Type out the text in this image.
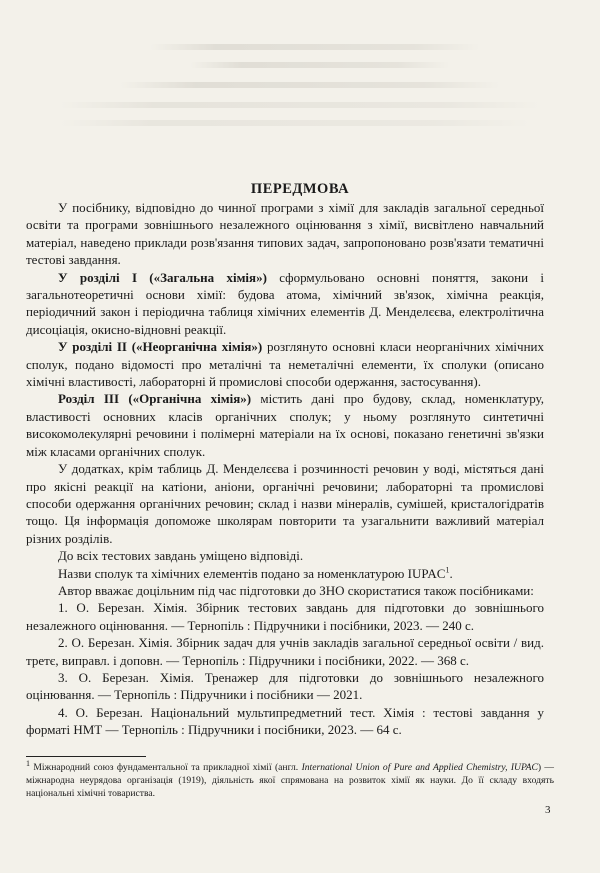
ПЕРЕДМОВА

У посібнику, відповідно до чинної програми з хімії для закладів загальної середньої освіти та програми зовнішнього незалежного оцінювання з хімії, висвітлено навчальний матеріал, наведено приклади розв'язання типових задач, запропоновано розв'язати тематичні тестові завдання.

У розділі I («Загальна хімія») сформульовано основні поняття, закони і загальнотеоретичні основи хімії: будова атома, хімічний зв'язок, хімічна реакція, періодичний закон і періодична таблиця хімічних елементів Д. Менделєєва, електролітична дисоціація, окисно-відновні реакції.

У розділі II («Неорганічна хімія») розглянуто основні класи неорганічних хімічних сполук, подано відомості про металічні та неметалічні елементи, їх сполуки (описано хімічні властивості, лабораторні й промислові способи одержання, застосування).

Розділ III («Органічна хімія») містить дані про будову, склад, номенклатуру, властивості основних класів органічних сполук; у ньому розглянуто синтетичні високомолекулярні речовини і полімерні матеріали на їх основі, показано генетичні зв'язки між класами органічних сполук.

У додатках, крім таблиць Д. Менделєєва і розчинності речовин у воді, містяться дані про якісні реакції на катіони, аніони, органічні речовини; лабораторні та промислові способи одержання органічних речовин; склад і назви мінералів, сумішей, кристалогідратів тощо. Ця інформація допоможе школярам повторити та узагальнити важливий матеріал різних розділів.

До всіх тестових завдань уміщено відповіді.

Назви сполук та хімічних елементів подано за номенклатурою IUPAC$^1$.

Автор вважає доцільним під час підготовки до ЗНО скористатися також посібниками:

1. О. Березан. Хімія. Збірник тестових завдань для підготовки до зовнішнього незалежного оцінювання. — Тернопіль : Підручники і посібники, 2023. — 240 с.

2. О. Березан. Хімія. Збірник задач для учнів закладів загальної середньої освіти / вид. третє, виправл. і доповн. — Тернопіль : Підручники і посібники, 2022. — 368 с.

3. О. Березан. Хімія. Тренажер для підготовки до зовнішнього незалежного оцінювання. — Тернопіль : Підручники і посібники — 2021.

4. О. Березан. Національний мультипредметний тест. Хімія : тестові завдання у форматі НМТ — Тернопіль : Підручники і посібники, 2023. — 64 с.

$^1$ Міжнародний союз фундаментальної та прикладної хімії (англ. International Union of Pure and Applied Chemistry, IUPAC) — міжнародна неурядова організація (1919), діяльність якої спрямована на розвиток хімії як науки. До її складу входять національні хімічні товариства.
3
